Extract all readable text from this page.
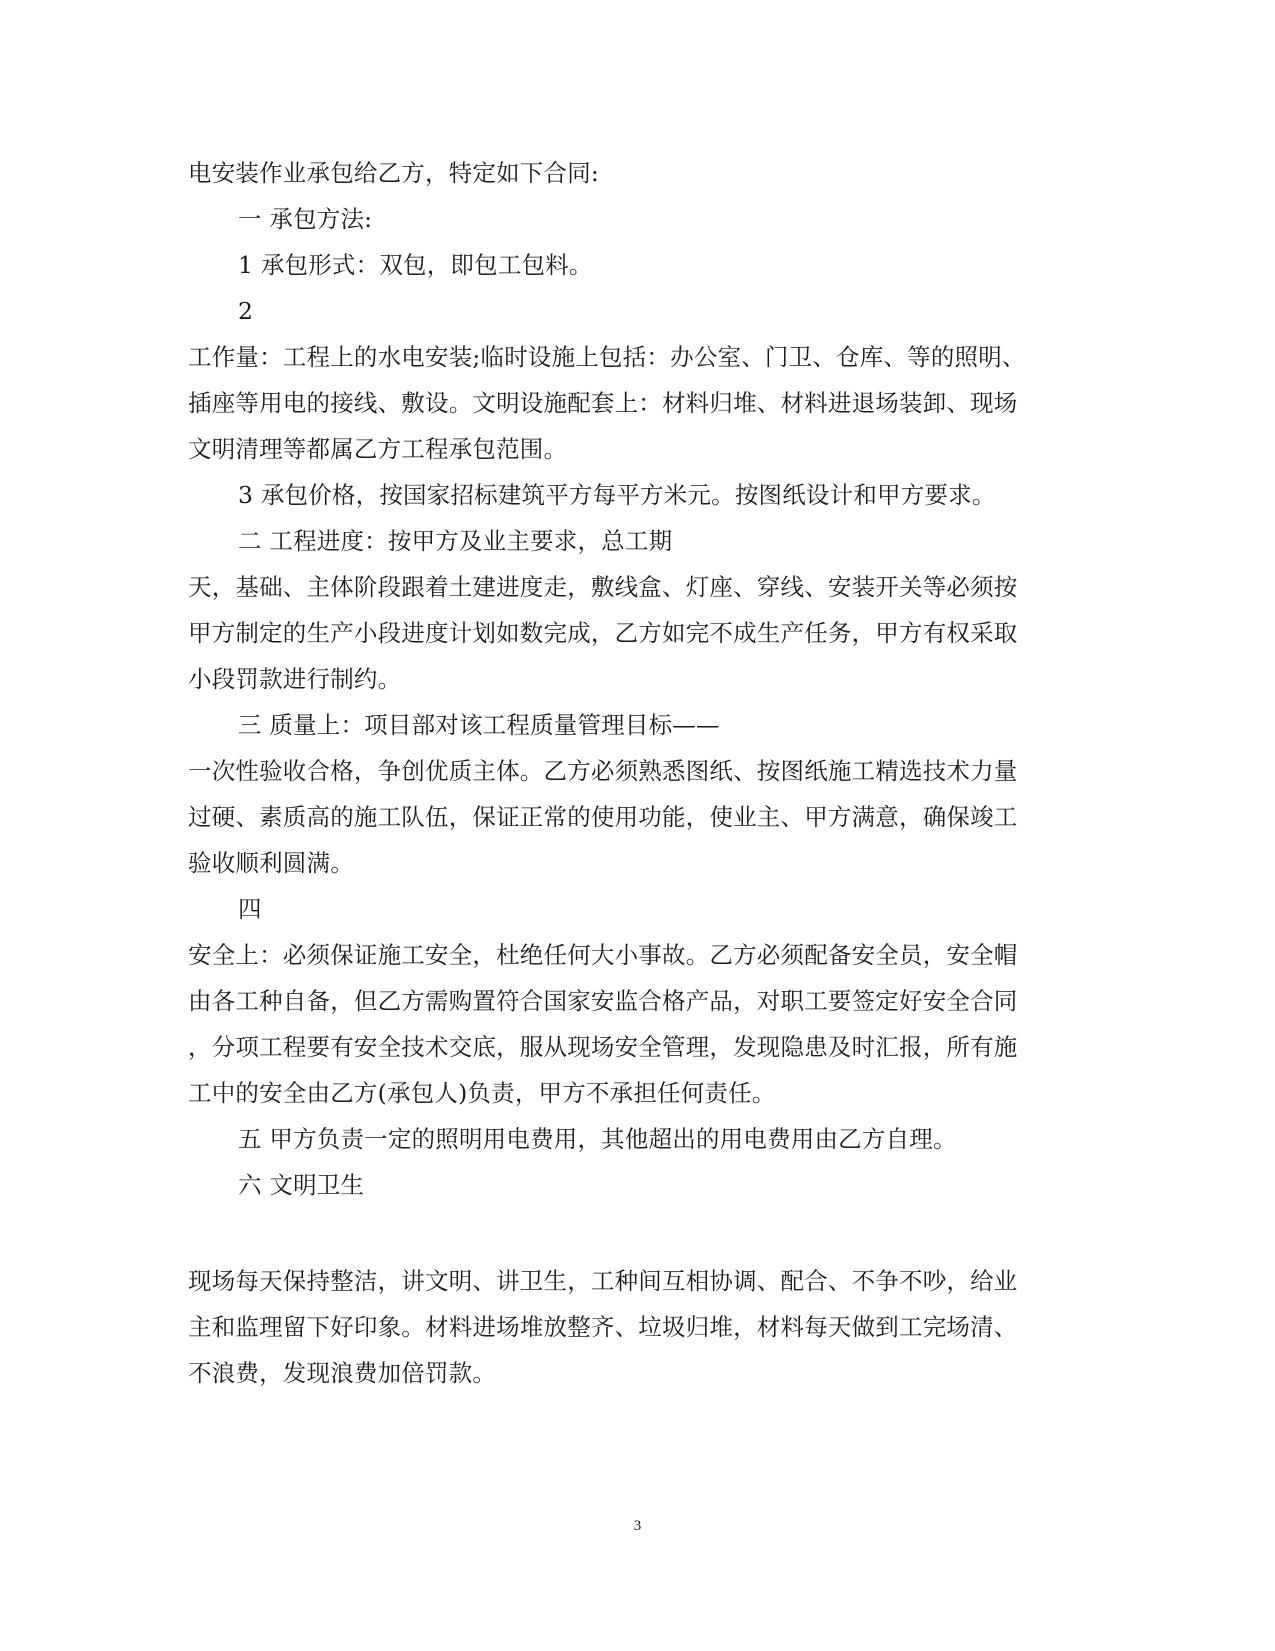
电安装作业承包给乙方，特定如下合同:
一 承包方法:
1 承包形式：双包，即包工包料。
2
工作量：工程上的水电安装;临时设施上包括：办公室、门卫、仓库、等的照明、
插座等用电的接线、敷设。文明设施配套上：材料归堆、材料进退场装卸、现场
文明清理等都属乙方工程承包范围。
3 承包价格，按国家招标建筑平方每平方米元。按图纸设计和甲方要求。
二 工程进度：按甲方及业主要求，总工期
天，基础、主体阶段跟着土建进度走，敷线盒、灯座、穿线、安装开关等必须按
甲方制定的生产小段进度计划如数完成，乙方如完不成生产任务，甲方有权采取
小段罚款进行制约。
三 质量上：项目部对该工程质量管理目标——
一次性验收合格，争创优质主体。乙方必须熟悉图纸、按图纸施工精选技术力量
过硬、素质高的施工队伍，保证正常的使用功能，使业主、甲方满意，确保竣工
验收顺利圆满。
四
安全上：必须保证施工安全，杜绝任何大小事故。乙方必须配备安全员，安全帽
由各工种自备，但乙方需购置符合国家安监合格产品，对职工要签定好安全合同
，分项工程要有安全技术交底，服从现场安全管理，发现隐患及时汇报，所有施
工中的安全由乙方(承包人)负责，甲方不承担任何责任。
五 甲方负责一定的照明用电费用，其他超出的用电费用由乙方自理。
六 文明卫生
现场每天保持整洁，讲文明、讲卫生，工种间互相协调、配合、不争不吵，给业
主和监理留下好印象。材料进场堆放整齐、垃圾归堆，材料每天做到工完场清、
不浪费，发现浪费加倍罚款。
3
